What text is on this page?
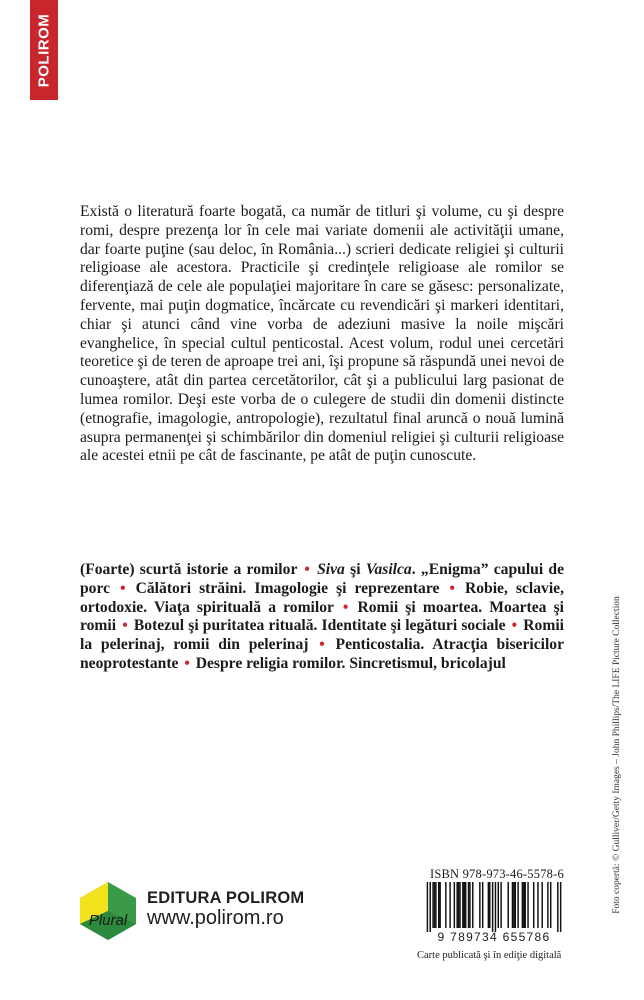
POLIROM

Există o literatură foarte bogată, ca număr de titluri şi volume, cu şi despre romi, despre prezenţa lor în cele mai variate domenii ale activităţii umane, dar foarte puţine (sau deloc, în România...) scrieri dedicate religiei şi culturii religioase ale acestora. Practicile şi credinţele religioase ale romilor se diferenţiază de cele ale populaţiei majoritare în care se găsesc: personalizate, fervente, mai puţin dogmatice, încărcate cu revendicări şi markeri identitari, chiar şi atunci când vine vorba de adeziuni masive la noile mişcări evanghelice, în special cultul penticostal. Acest volum, rodul unei cercetări teoretice şi de teren de aproape trei ani, îşi propune să răspundă unei nevoi de cunoaştere, atât din partea cercetătorilor, cât şi a publicului larg pasionat de lumea romilor. Deşi este vorba de o culegere de studii din domenii distincte (etnografie, imagologie, antropologie), rezultatul final aruncă o nouă lumină asupra permanenţei şi schimbărilor din domeniul religiei şi culturii religioase ale acestei etnii pe cât de fascinante, pe atât de puţin cunoscute.

(Foarte) scurtă istorie a romilor • Siva şi Vasilca. „Enigma” capului de porc • Călători străini. Imagologie şi reprezentare • Robie, sclavie, ortodoxie. Viaţa spirituală a romilor • Romii şi moartea. Moartea şi romii • Botezul şi puritatea rituală. Identitate şi legături sociale • Romii la pelerinaj, romii din pelerinaj • Penticostalia. Atracţia bisericilor neoprotestante • Despre religia romilor. Sincretismul, bricolajul	Foto copertă: © Gulliver/Getty Images – John Phillips/The LIFE Picture Collection
Plural
EDITURA POLIROM
www.polirom.ro
ISBN 978-973-46-5578-6
9 789734 655786
Carte publicată şi în ediţie digitală
